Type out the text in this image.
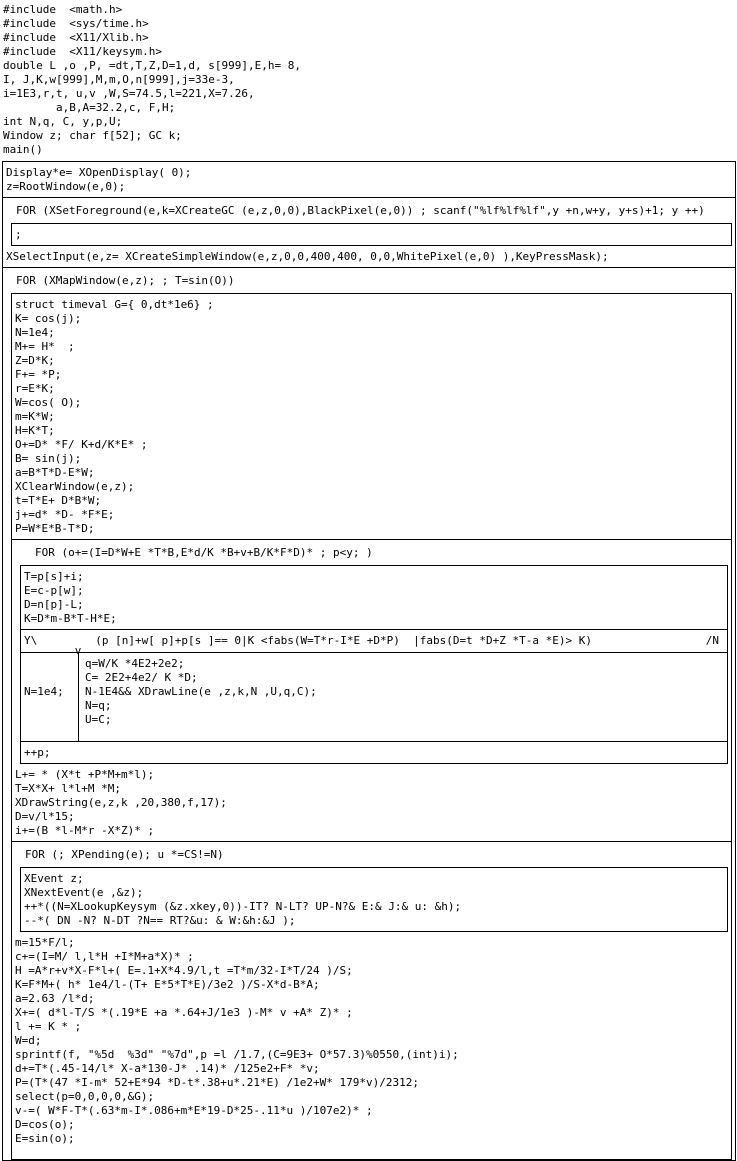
#include  <math.h>
#include  <sys/time.h>
#include  <X11/Xlib.h>
#include  <X11/keysym.h>
double L ,o ,P, =dt,T,Z,D=1,d, s[999],E,h= 8,
I, J,K,w[999],M,m,O,n[999],j=33e-3,
i=1E3,r,t, u,v ,W,S=74.5,l=221,X=7.26,
a,B,A=32.2,c, F,H;
int N,q, C, y,p,U;
Window z; char f[52]; GC k;
main()
Display*e= XOpenDisplay( 0);
z=RootWindow(e,0);
FOR (XSetForeground(e,k=XCreateGC (e,z,0,0),BlackPixel(e,0)) ; scanf("%lf%lf%lf",y +n,w+y, y+s)+1; y ++)
;
XSelectInput(e,z= XCreateSimpleWindow(e,z,0,0,400,400, 0,0,WhitePixel(e,0) ),KeyPressMask);
FOR (XMapWindow(e,z); ; T=sin(O))
struct timeval G={ 0,dt*1e6} ;
K= cos(j);
N=1e4;
M+= H*  ;
Z=D*K;
F+= *P;
r=E*K;
W=cos( O);
m=K*W;
H=K*T;
O+=D* *F/ K+d/K*E* ;
B= sin(j);
a=B*T*D-E*W;
XClearWindow(e,z);
t=T*E+ D*B*W;
j+=d* *D- *F*E;
P=W*E*B-T*D;
FOR (o+=(I=D*W+E *T*B,E*d/K *B+v+B/K*F*D)* ; p<y; )
T=p[s]+i;
E=c-p[w];
D=n[p]-L;
K=D*m-B*T-H*E;
Y\	(p [n]+w[ p]+p[s ]== 0|K <fabs(W=T*r-I*E +D*P)  |fabs(D=t *D+Z *T-a *E)> K)	/N
v

N=1e4;

q=W/K *4E2+2e2;
C= 2E2+4e2/ K *D;
N-1E4&& XDrawLine(e ,z,k,N ,U,q,C);
N=q;
U=C;
++p;
L+= * (X*t +P*M+m*l);
T=X*X+ l*l+M *M;
XDrawString(e,z,k ,20,380,f,17);
D=v/l*15;
i+=(B *l-M*r -X*Z)* ;
FOR (; XPending(e); u *=CS!=N)
XEvent z;
XNextEvent(e ,&z);
++*((N=XLookupKeysym (&z.xkey,0))-IT? N-LT? UP-N?& E:& J:& u: &h);
--*( DN -N? N-DT ?N== RT?&u: & W:&h:&J );
m=15*F/l;
c+=(I=M/ l,l*H +I*M+a*X)* ;
H =A*r+v*X-F*l+( E=.1+X*4.9/l,t =T*m/32-I*T/24 )/S;
K=F*M+( h* 1e4/l-(T+ E*5*T*E)/3e2 )/S-X*d-B*A;
a=2.63 /l*d;
X+=( d*l-T/S *(.19*E +a *.64+J/1e3 )-M* v +A* Z)* ;
l += K * ;
W=d;
sprintf(f, "%5d  %3d" "%7d",p =l /1.7,(C=9E3+ O*57.3)%0550,(int)i);
d+=T*(.45-14/l* X-a*130-J* .14)* /125e2+F* *v;
P=(T*(47 *I-m* 52+E*94 *D-t*.38+u*.21*E) /1e2+W* 179*v)/2312;
select(p=0,0,0,0,&G);
v-=( W*F-T*(.63*m-I*.086+m*E*19-D*25-.11*u )/107e2)* ;
D=cos(o);
E=sin(o);
